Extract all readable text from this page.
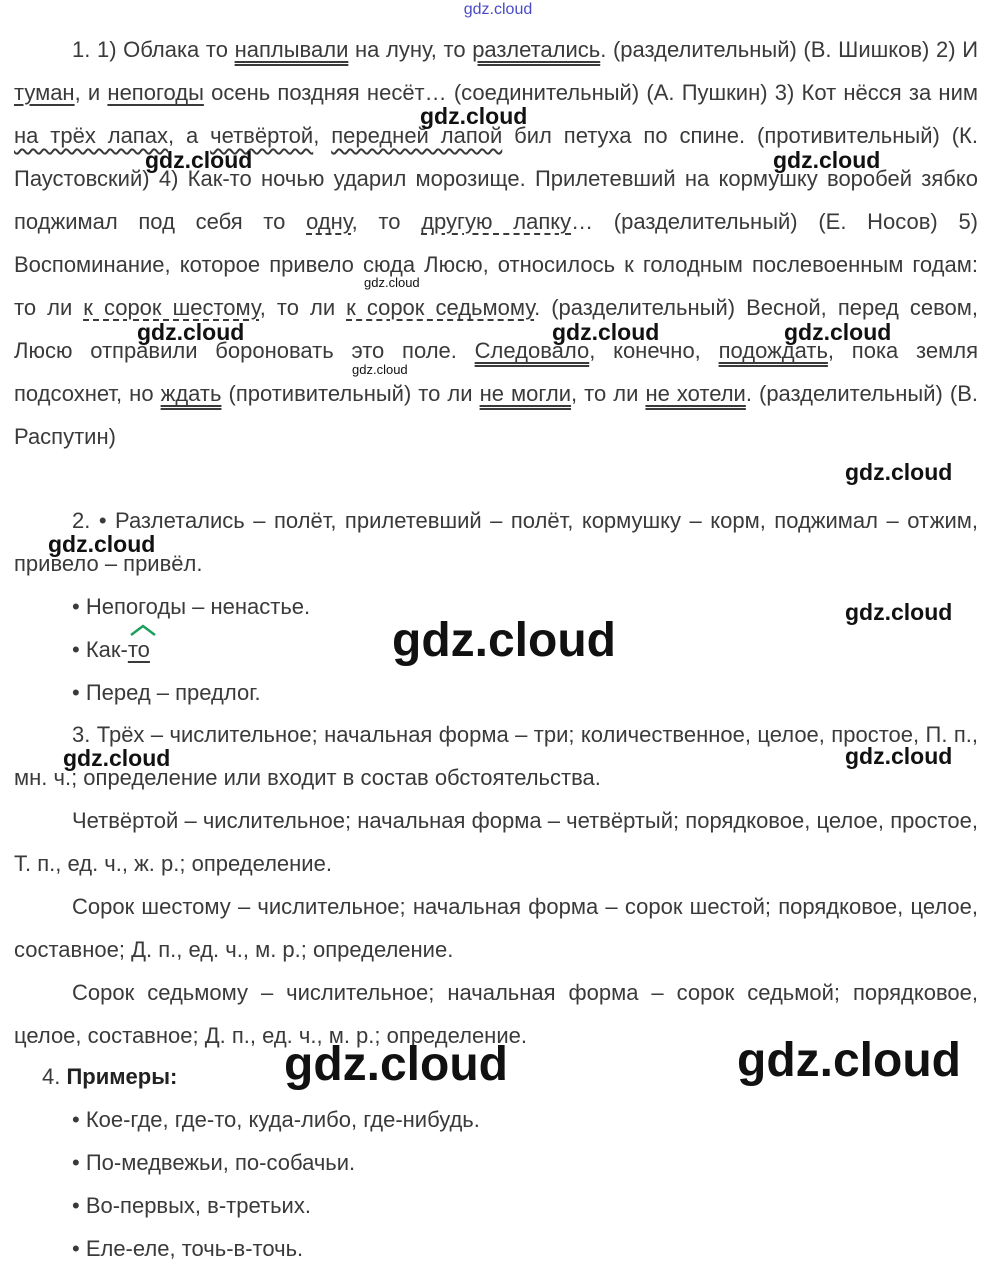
gdz.cloud
1. 1) Облака то наплывали на луну, то разлетались. (разделительный) (В. Шишков) 2) И туман, и непогоды осень поздняя несёт… (соединительный) (А. Пушкин) 3) Кот нёсся за ним на трёх лапах, а четвёртой, передней лапой бил петуха по спине. (противительный) (К. Паустовский) 4) Как-то ночью ударил морозище. Прилетевший на кормушку воробей зябко поджимал под себя то одну, то другую лапку… (разделительный) (Е. Носов) 5) Воспоминание, которое привело сюда Люсю, относилось к голодным послевоенным годам: то ли к сорок шестому, то ли к сорок седьмому. (разделительный) Весной, перед севом, Люсю отправили бороновать это поле. Следовало, конечно, подождать, пока земля подсохнет, но ждать (противительный) то ли не могли, то ли не хотели. (разделительный) (В. Распутин)
2. • Разлетались – полёт, прилетевший – полёт, кормушку – корм, поджимал – отжим, привело – привёл.
• Непогоды – ненастье.
• Как-
то
• Перед – предлог.
3. Трёх – числительное; начальная форма – три; количественное, целое, простое, П. п., мн. ч.; определение или входит в состав обстоятельства.
Четвёртой – числительное; начальная форма – четвёртый; порядковое, целое, простое, Т. п., ед. ч., ж. р.; определение.
Сорок шестому – числительное; начальная форма – сорок шестой; порядковое, целое, составное; Д. п., ед. ч., м. р.; определение.
Сорок седьмому – числительное; начальная форма – сорок седьмой; порядковое, целое, составное; Д. п., ед. ч., м. р.; определение.
4. Примеры:
• Кое-где, где-то, куда-либо, где-нибудь.
• По-медвежьи, по-собачьи.
• Во-первых, в-третьих.
• Еле-еле, точь-в-точь.
gdz.cloud
gdz.cloud	gdz.cloud
gdz.cloud
gdz.cloud	gdz.cloud	gdz.cloud
gdz.cloud
gdz.cloud
gdz.cloud
gdz.cloud
gdz.cloud
gdz.cloud	gdz.cloud
gdz.cloud	gdz.cloud
